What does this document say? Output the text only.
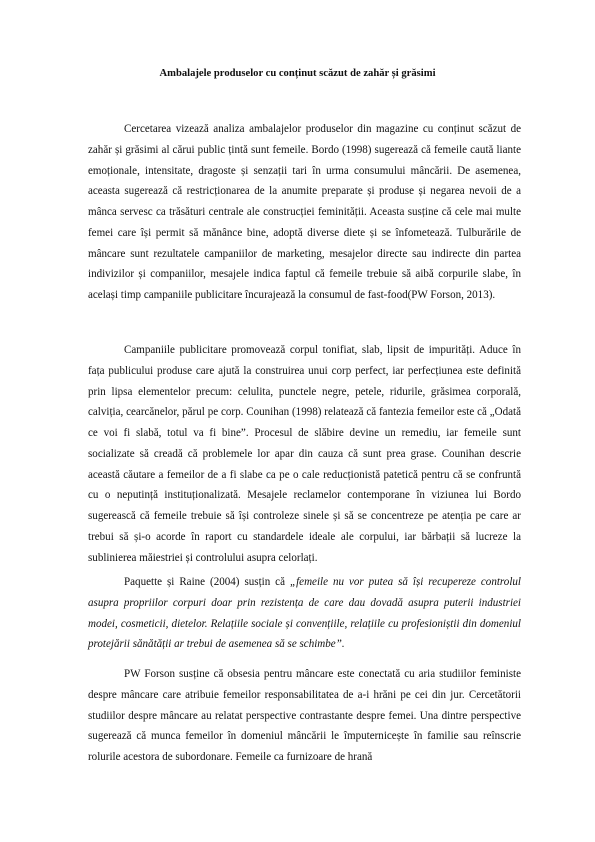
Ambalajele produselor cu conținut scăzut de zahăr și grăsimi

Cercetarea vizează analiza ambalajelor produselor din magazine cu conținut scăzut de zahăr și grăsimi al cărui public țintă sunt femeile. Bordo (1998) sugerează că femeile caută liante emoționale, intensitate, dragoste și senzații tari în urma consumului mâncării. De asemenea, aceasta sugerează că restricționarea de la anumite preparate și produse și negarea nevoii de a mânca servesc ca trăsături centrale ale construcției feminității. Aceasta susține că cele mai multe femei care își permit să mănânce bine, adoptă diverse diete și se înfometează. Tulburările de mâncare sunt rezultatele campaniilor de marketing, mesajelor directe sau indirecte din partea indivizilor și companiilor, mesajele indica faptul că femeile trebuie să aibă corpurile slabe, în același timp campaniile publicitare încurajează la consumul de fast-food(PW Forson, 2013).

Campaniile publicitare promovează corpul tonifiat, slab, lipsit de impurități. Aduce în fața publicului produse care ajută la construirea unui corp perfect, iar perfecțiunea este definită prin lipsa elementelor precum: celulita, punctele negre, petele, ridurile, grăsimea corporală, calviția, cearcănelor, părul pe corp. Counihan (1998) relatează că fantezia femeilor este că „Odată ce voi fi slabă, totul va fi bine”. Procesul de slăbire devine un remediu, iar femeile sunt socializate să creadă că problemele lor apar din cauza că sunt prea grase. Counihan descrie această căutare a femeilor de a fi slabe ca pe o cale reducționistă patetică pentru că se confruntă cu o neputință instituționalizată. Mesajele reclamelor contemporane în viziunea lui Bordo sugerească că femeile trebuie să își controleze sinele și să se concentreze pe atenția pe care ar trebui să și-o acorde în raport cu standardele ideale ale corpului, iar bărbații să lucreze la sublinierea măiestriei și controlului asupra celorlați.

Paquette și Raine (2004) susțin că „femeile nu vor putea să își recupereze controlul asupra propriilor corpuri doar prin rezistența de care dau dovadă asupra puterii industriei modei, cosmeticii, dietelor. Relațiile sociale și convențiile, relațiile cu profesioniștii din domeniul protejării sănătății ar trebui de asemenea să se schimbe”.

PW Forson susține că obsesia pentru mâncare este conectată cu aria studiilor feministe despre mâncare care atribuie femeilor responsabilitatea de a-i hrăni pe cei din jur. Cercetătorii studiilor despre mâncare au relatat perspective contrastante despre femei. Una dintre perspective sugerează că munca femeilor în domeniul mâncării le împuternicește în familie sau reînscrie rolurile acestora de subordonare. Femeile ca furnizoare de hrană
